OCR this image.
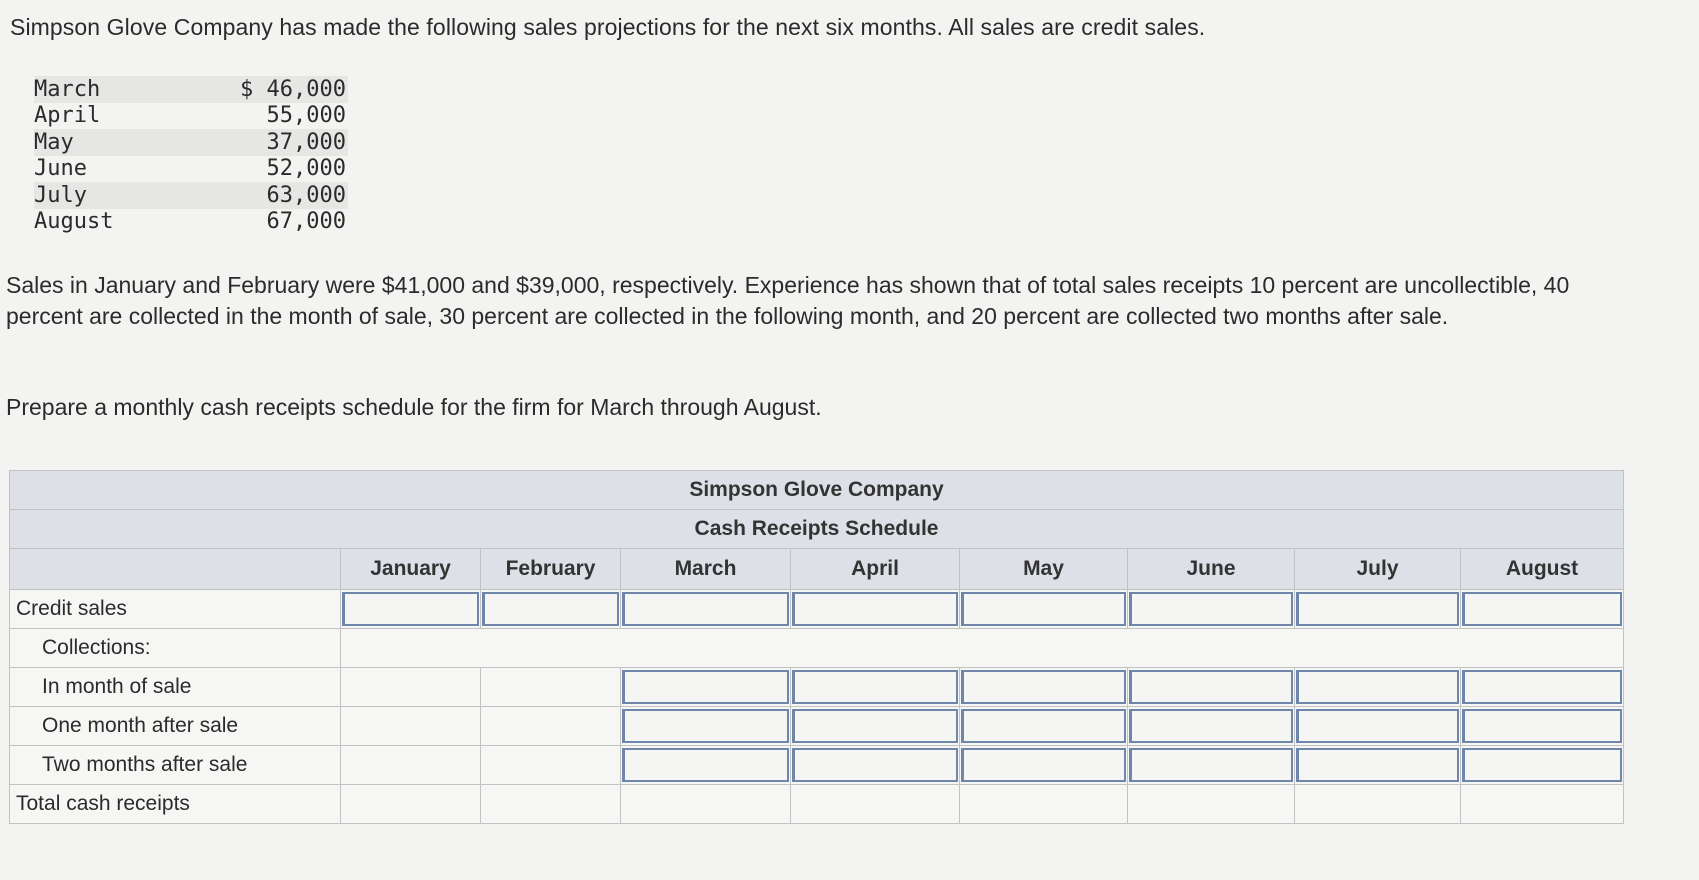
Simpson Glove Company has made the following sales projections for the next six months. All sales are credit sales.
March	$ 46,000
April	55,000
May	37,000
June	52,000
July	63,000
August	67,000
Sales in January and February were $41,000 and $39,000, respectively. Experience has shown that of total sales receipts 10 percent are uncollectible, 40 percent are collected in the month of sale, 30 percent are collected in the following month, and 20 percent are collected two months after sale.
Prepare a monthly cash receipts schedule for the firm for March through August.
Simpson Glove Company								
Cash Receipts Schedule								
	January	February	March	April	May	June	July	August
Credit sales	

Collections:								
In month of sale			

One month after sale			

Two months after sale			

Total cash receipts								
